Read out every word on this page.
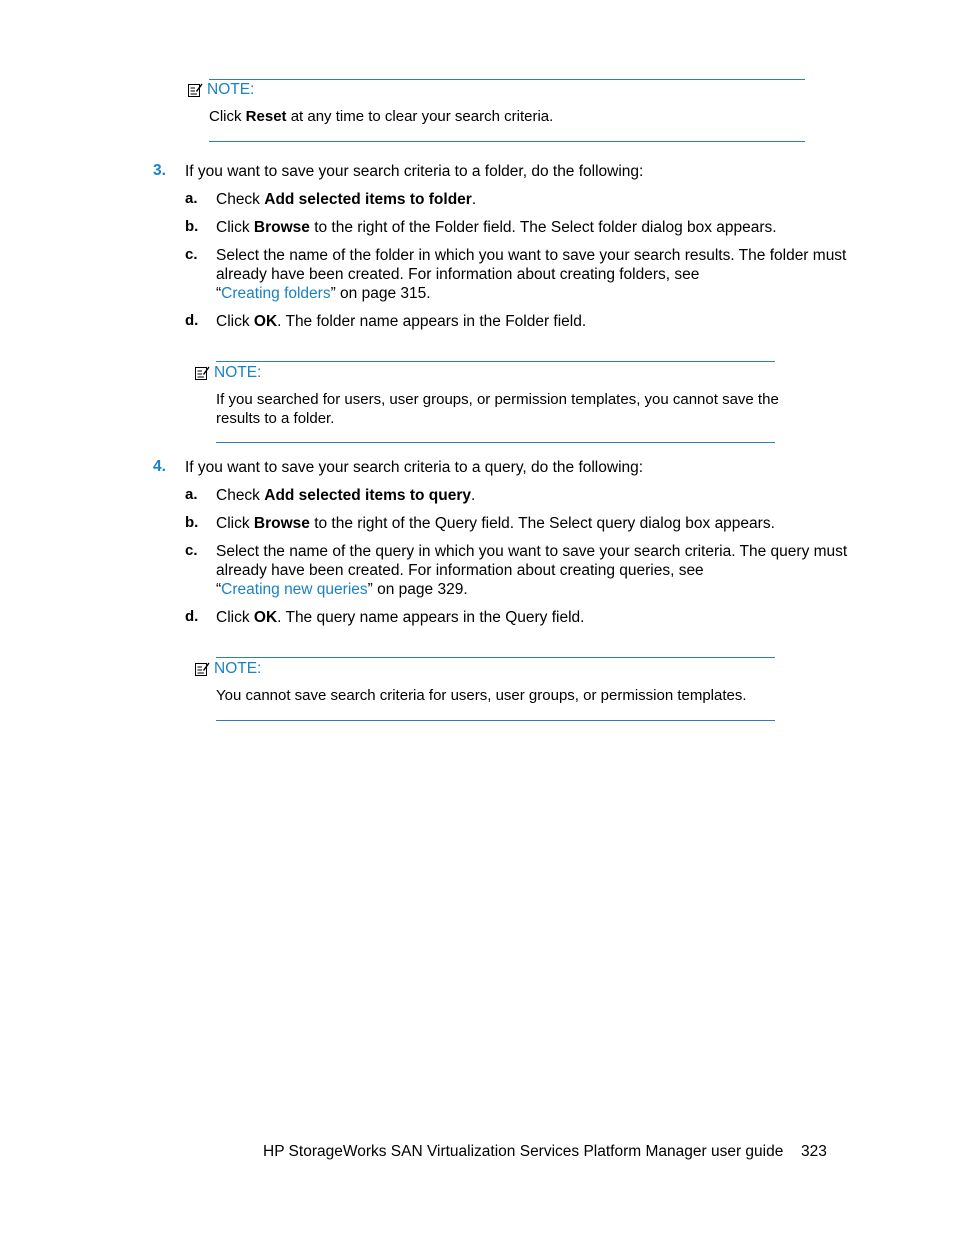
NOTE:
Click Reset at any time to clear your search criteria.
3. If you want to save your search criteria to a folder, do the following:
a. Check Add selected items to folder.
b. Click Browse to the right of the Folder field. The Select folder dialog box appears.
c. Select the name of the folder in which you want to save your search results. The folder must
already have been created. For information about creating folders, see
“Creating folders” on page 315.
d. Click OK. The folder name appears in the Folder field.
NOTE:
If you searched for users, user groups, or permission templates, you cannot save the
results to a folder.
4. If you want to save your search criteria to a query, do the following:
a. Check Add selected items to query.
b. Click Browse to the right of the Query field. The Select query dialog box appears.
c. Select the name of the query in which you want to save your search criteria. The query must
already have been created. For information about creating queries, see
“Creating new queries” on page 329.
d. Click OK. The query name appears in the Query field.
NOTE:
You cannot save search criteria for users, user groups, or permission templates.
HP StorageWorks SAN Virtualization Services Platform Manager user guide 323
